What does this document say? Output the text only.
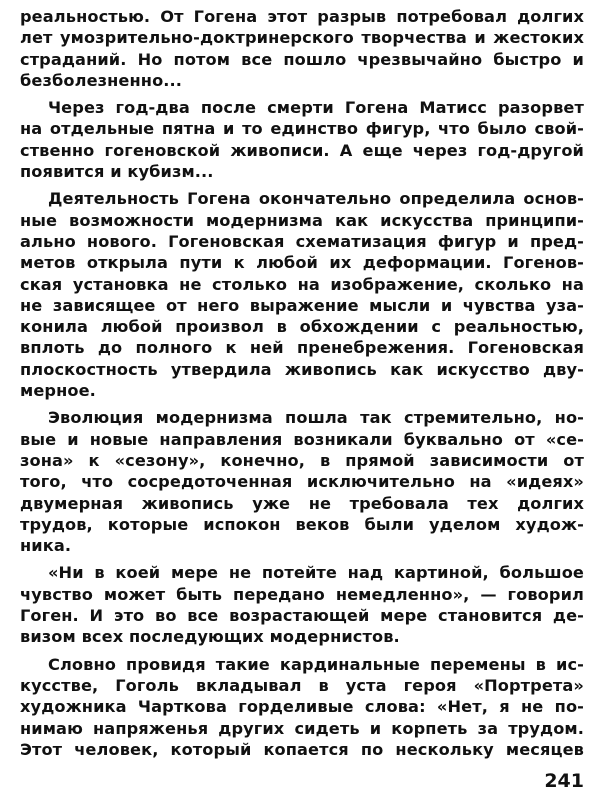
реальностью. От Гогена этот разрыв потребовал долгих
лет умозрительно-доктринерского творчества и жестоких
страданий. Но потом все пошло чрезвычайно быстро и
безболезненно...
Через год-два после смерти Гогена Матисс разорвет
на отдельные пятна и то единство фигур, что было свой-
ственно гогеновской живописи. А еще через год-другой
появится и кубизм...
Деятельность Гогена окончательно определила основ-
ные возможности модернизма как искусства принципи-
ально нового. Гогеновская схематизация фигур и пред-
метов открыла пути к любой их деформации. Гогенов-
ская установка не столько на изображение, сколько на
не зависящее от него выражение мысли и чувства уза-
конила любой произвол в обхождении с реальностью,
вплоть до полного к ней пренебрежения. Гогеновская
плоскостность утвердила живопись как искусство дву-
мерное.
Эволюция модернизма пошла так стремительно, но-
вые и новые направления возникали буквально от «се-
зона» к «сезону», конечно, в прямой зависимости от
того, что сосредоточенная исключительно на «идеях»
двумерная живопись уже не требовала тех долгих
трудов, которые испокон веков были уделом худож-
ника.
«Ни в коей мере не потейте над картиной, большое
чувство может быть передано немедленно», — говорил
Гоген. И это во все возрастающей мере становится де-
визом всех последующих модернистов.
Словно провидя такие кардинальные перемены в ис-
кусстве, Гоголь вкладывал в уста героя «Портрета»
художника Чарткова горделивые слова: «Нет, я не по-
нимаю напряженья других сидеть и корпеть за трудом.
Этот человек, который копается по нескольку месяцев
241
